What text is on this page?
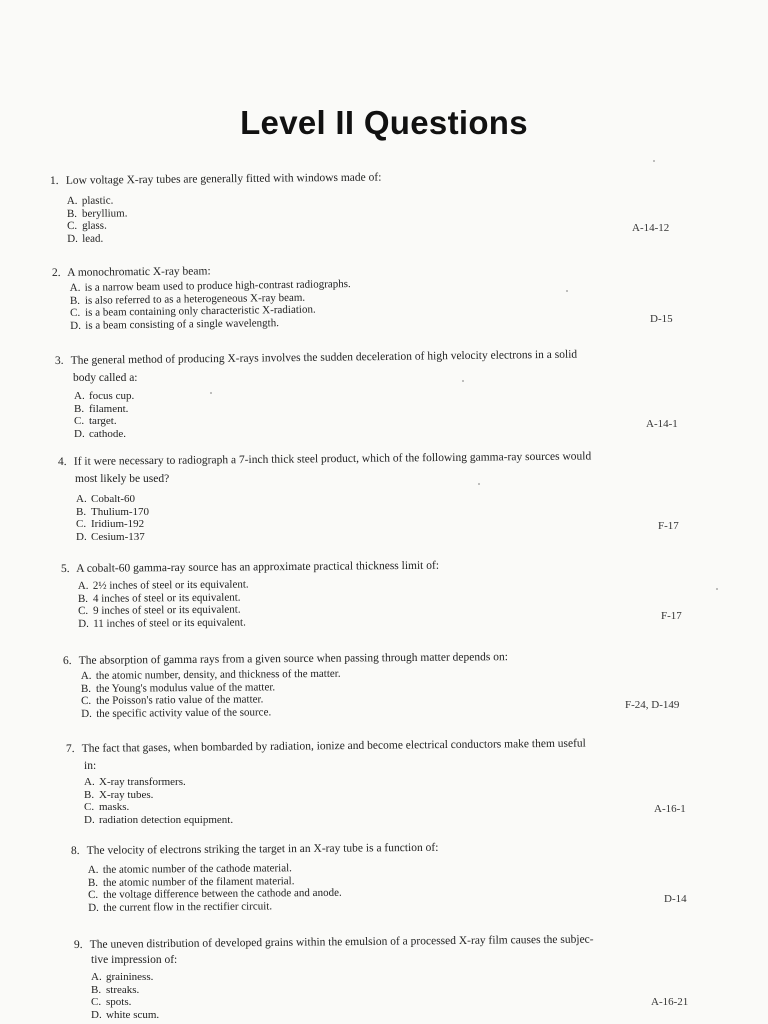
Level II Questions
1. Low voltage X-ray tubes are generally fitted with windows made of:
A. plastic.
B. beryllium.
C. glass.
D. lead.
A-14-12
2. A monochromatic X-ray beam:
A. is a narrow beam used to produce high-contrast radiographs.
B. is also referred to as a heterogeneous X-ray beam.
C. is a beam containing only characteristic X-radiation.
D. is a beam consisting of a single wavelength.	D-15
3. The general method of producing X-rays involves the sudden deceleration of high velocity electrons in a solid
body called a:
A. focus cup.
B. filament.
C. target.
D. cathode.
A-14-1
4. If it were necessary to radiograph a 7-inch thick steel product, which of the following gamma-ray sources would
most likely be used?
A. Cobalt-60
B. Thulium-170
C. Iridium-192
D. Cesium-137
F-17
5. A cobalt-60 gamma-ray source has an approximate practical thickness limit of:
A. 2½ inches of steel or its equivalent.
B. 4 inches of steel or its equivalent.
C. 9 inches of steel or its equivalent.
D. 11 inches of steel or its equivalent.
F-17
6. The absorption of gamma rays from a given source when passing through matter depends on:
A. the atomic number, density, and thickness of the matter.
B. the Young's modulus value of the matter.
C. the Poisson's ratio value of the matter.
D. the specific activity value of the source.
F-24, D-149
7. The fact that gases, when bombarded by radiation, ionize and become electrical conductors make them useful
in:
A. X-ray transformers.
B. X-ray tubes.
C. masks.
D. radiation detection equipment.
A-16-1
8. The velocity of electrons striking the target in an X-ray tube is a function of:
A. the atomic number of the cathode material.
B. the atomic number of the filament material.
C. the voltage difference between the cathode and anode.
D. the current flow in the rectifier circuit.
D-14
9. The uneven distribution of developed grains within the emulsion of a processed X-ray film causes the subjec-
tive impression of:
A. graininess.
B. streaks.
C. spots.
D. white scum.
A-16-21
